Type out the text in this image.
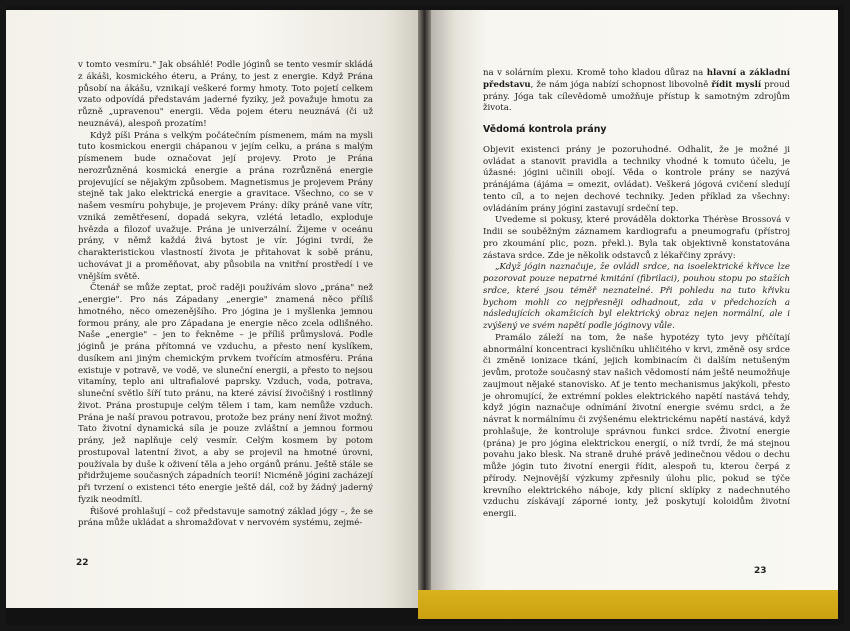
v tomto vesmíru." Jak obsáhlé! Podle jóginů se tento vesmír skládá z ákáši, kosmického éteru, a Prány, to jest z energie. Když Prána působí na ákášu, vznikají veškeré formy hmoty. Toto pojetí celkem vzato odpovídá představám jaderné fyziky, jež považuje hmotu za různě „upravenou" energii. Věda pojem éteru neuznává (či už neuznává), alespoň prozatím!

Když píši Prána s velkým počátečním písmenem, mám na mysli tuto kosmickou energii chápanou v jejím celku, a prána s malým písmenem bude označovat její projevy. Proto je Prána nerozrůzněná kosmická energie a prána rozrůzněná energie projevující se nějakým způsobem. Magnetismus je projevem Prány stejně tak jako elektrická energie a gravitace. Všechno, co se v našem vesmíru pohybuje, je projevem Prány: díky práně vane vítr, vzniká zemětřesení, dopadá sekyra, vzlétá letadlo, exploduje hvězda a filozof uvažuje. Prána je univerzální. Žijeme v oceánu prány, v němž každá živá bytost je vír. Jógini tvrdí, že charakteristickou vlastností života je přitahovat k sobě pránu, uchovávat ji a proměňovat, aby působila na vnitřní prostředí i ve vnějším světě.

Čtenář se může zeptat, proč raději používám slovo „prána" než „energie". Pro nás Západany „energie" znamená něco příliš hmotného, něco omezenějšího. Pro jógina je i myšlenka jemnou formou prány, ale pro Západana je energie něco zcela odlišného. Naše „energie" – jen to řekněme – je příliš průmyslová. Podle jóginů je prána přítomná ve vzduchu, a přesto není kyslíkem, dusíkem ani jiným chemickým prvkem tvořícím atmosféru. Prána existuje v potravě, ve vodě, ve sluneční energii, a přesto to nejsou vitamíny, teplo ani ultrafialové paprsky. Vzduch, voda, potrava, sluneční světlo šíří tuto pránu, na které závisí živočišný i rostlinný život. Prána prostupuje celým tělem i tam, kam nemůže vzduch. Prána je naší pravou potravou, protože bez prány není život možný. Tato životní dynamická síla je pouze zvláštní a jemnou formou prány, jež naplňuje celý vesmír. Celým kosmem by potom prostupoval latentní život, a aby se projevil na hmotné úrovni, používala by duše k oživení těla a jeho orgánů pránu. Ještě stále se přidržujeme současných západních teorií! Nicméně jógini zacházejí při tvrzení o existenci této energie ještě dál, což by žádný jaderný fyzik neodmítl.

Řišové prohlašují – což představuje samotný základ jógy –, že se prána může ukládat a shromažďovat v nervovém systému, zejmé-

22

na v solárním plexu. Kromě toho kladou důraz na hlavní a základní představu, že nám jóga nabízí schopnost libovolně řídit myslí proud prány. Jóga tak cílevědomě umožňuje přístup k samotným zdrojům života.

Vědomá kontrola prány

Objevit existenci prány je pozoruhodné. Odhalit, že je možné ji ovládat a stanovit pravidla a techniky vhodné k tomuto účelu, je úžasné: jógini učinili obojí. Věda o kontrole prány se nazývá pránájáma (ájáma = omezit, ovládat). Veškerá jógová cvičení sledují tento cíl, a to nejen dechové techniky. Jeden příklad za všechny: ovládáním prány jógini zastavují srdeční tep.

Uvedeme si pokusy, které prováděla doktorka Thérèse Brossová v Indii se souběžným záznamem kardiografu a pneumografu (přístroj pro zkoumání plic, pozn. překl.). Byla tak objektivně konstatována zástava srdce. Zde je několik odstavců z lékařčiny zprávy:

„Když jógin naznačuje, že ovládl srdce, na isoelektrické křivce lze pozorovat pouze nepatrné kmitání (fibrilaci), pouhou stopu po stažích srdce, které jsou téměř neznatelné. Při pohledu na tuto křivku bychom mohli co nejpřesněji odhadnout, zda v předchozích a následujících okamžicích byl elektrický obraz nejen normální, ale i zvýšený ve svém napětí podle jóginovy vůle.

Pramálo záleží na tom, že naše hypotézy tyto jevy přičítají abnormální koncentraci kysličníku uhličitého v krvi, změně osy srdce či změně ionizace tkání, jejich kombinacím či dalším netušeným jevům, protože současný stav našich vědomostí nám ještě neumožňuje zaujmout nějaké stanovisko. Ať je tento mechanismus jakýkoli, přesto je ohromující, že extrémní pokles elektrického napětí nastává tehdy, když jógin naznačuje odnímání životní energie svému srdci, a že návrat k normálnímu či zvýšenému elektrickému napětí nastává, když prohlašuje, že kontroluje správnou funkci srdce. Životní energie (prána) je pro jógina elektrickou energií, o níž tvrdí, že má stejnou povahu jako blesk. Na straně druhé právě jedinečnou vědou o dechu může jógin tuto životní energii řídit, alespoň tu, kterou čerpá z přírody. Nejnovější výzkumy zpřesnily úlohu plic, pokud se týče krevního elektrického náboje, kdy plicní sklípky z nadechnutého vzduchu získávají záporné ionty, jež poskytují koloidům životní energii.

23
